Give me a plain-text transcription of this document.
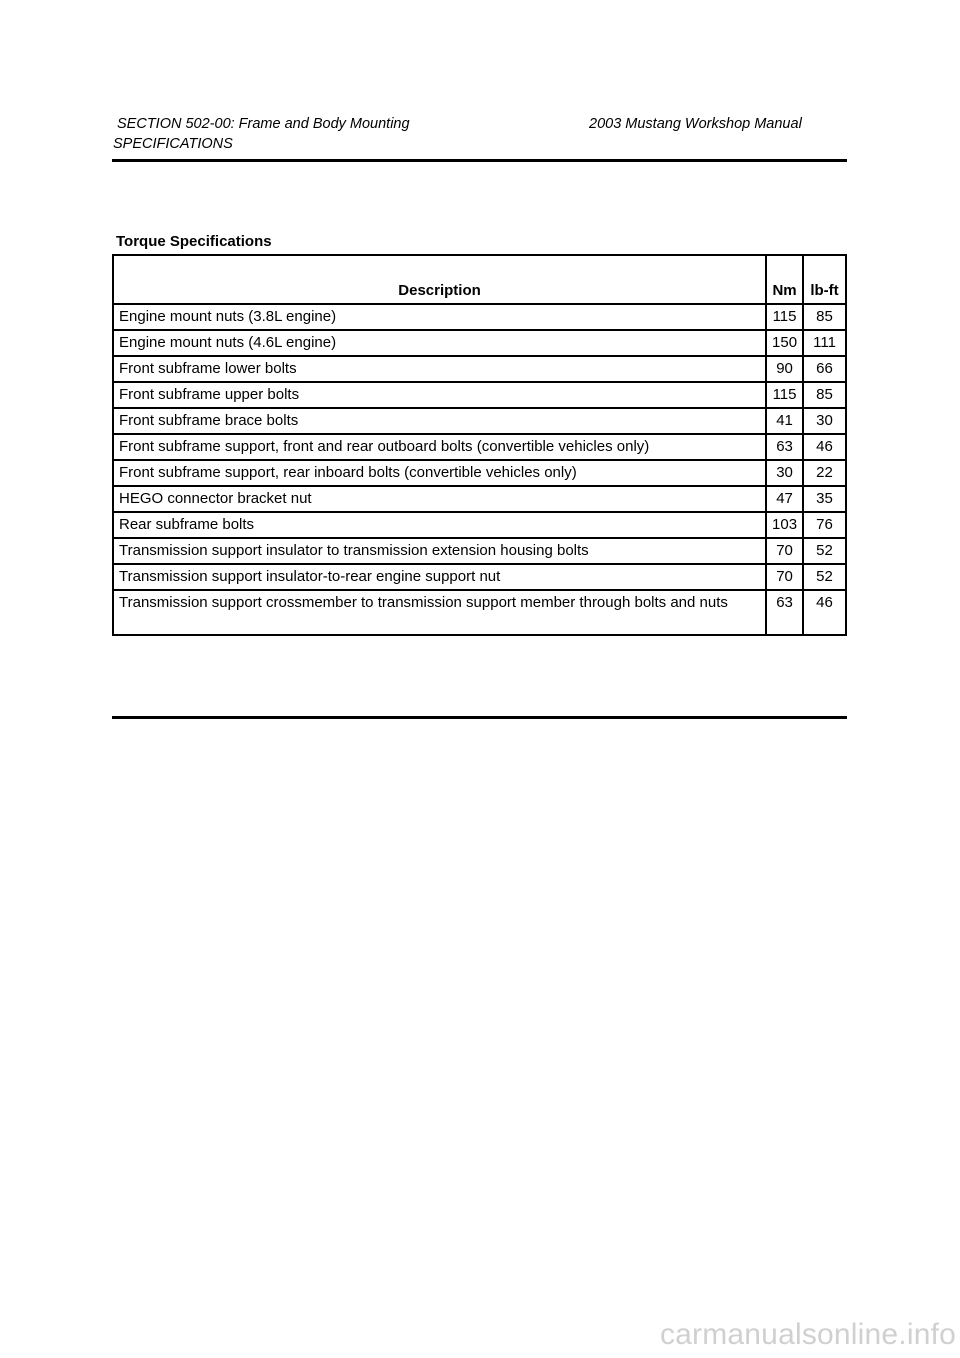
SECTION 502-00: Frame and Body Mounting
SPECIFICATIONS
2003 Mustang Workshop Manual
Torque Specifications
Description	Nm	lb-ft
Engine mount nuts (3.8L engine)	115	85
Engine mount nuts (4.6L engine)	150	111
Front subframe lower bolts	90	66
Front subframe upper bolts	115	85
Front subframe brace bolts	41	30
Front subframe support, front and rear outboard bolts (convertible vehicles only)	63	46
Front subframe support, rear inboard bolts (convertible vehicles only)	30	22
HEGO connector bracket nut	47	35
Rear subframe bolts	103	76
Transmission support insulator to transmission extension housing bolts	70	52
Transmission support insulator-to-rear engine support nut	70	52
Transmission support crossmember to transmission support member through bolts and nuts	63	46
carmanualsonline.info
